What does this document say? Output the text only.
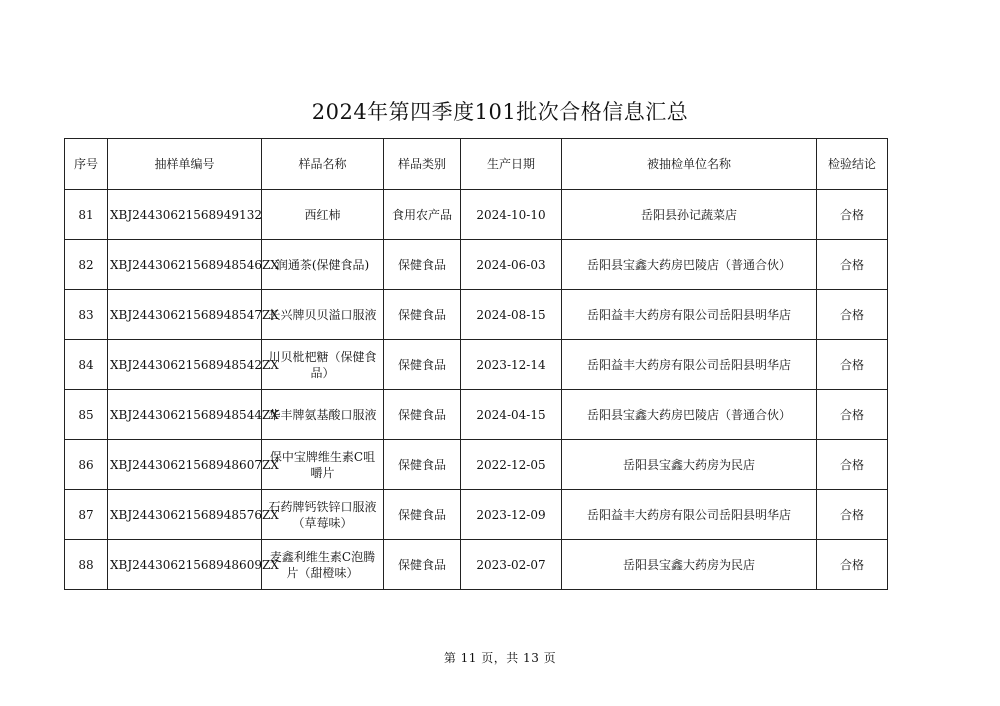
2024年第四季度101批次合格信息汇总
序号	抽样单编号	样品名称	样品类别	生产日期	被抽检单位名称	检验结论
81	XBJ24430621568949132	西红柿	食用农产品	2024-10-10	岳阳县孙记蔬菜店	合格
82	XBJ24430621568948546ZX	润通茶(保健食品)	保健食品	2024-06-03	岳阳县宝鑫大药房巴陵店（普通合伙）	合格
83	XBJ24430621568948547ZX	长兴牌贝贝溢口服液	保健食品	2024-08-15	岳阳益丰大药房有限公司岳阳县明华店	合格
84	XBJ24430621568948542ZX	川贝枇杷糖（保健食品）	保健食品	2023-12-14	岳阳益丰大药房有限公司岳阳县明华店	合格
85	XBJ24430621568948544ZX	华丰牌氨基酸口服液	保健食品	2024-04-15	岳阳县宝鑫大药房巴陵店（普通合伙）	合格
86	XBJ24430621568948607ZX	保中宝牌维生素C咀嚼片	保健食品	2022-12-05	岳阳县宝鑫大药房为民店	合格
87	XBJ24430621568948576ZX	石药牌钙铁锌口服液（草莓味）	保健食品	2023-12-09	岳阳益丰大药房有限公司岳阳县明华店	合格
88	XBJ24430621568948609ZX	麦鑫利维生素C泡腾片（甜橙味）	保健食品	2023-02-07	岳阳县宝鑫大药房为民店	合格
第 11 页，共 13 页
